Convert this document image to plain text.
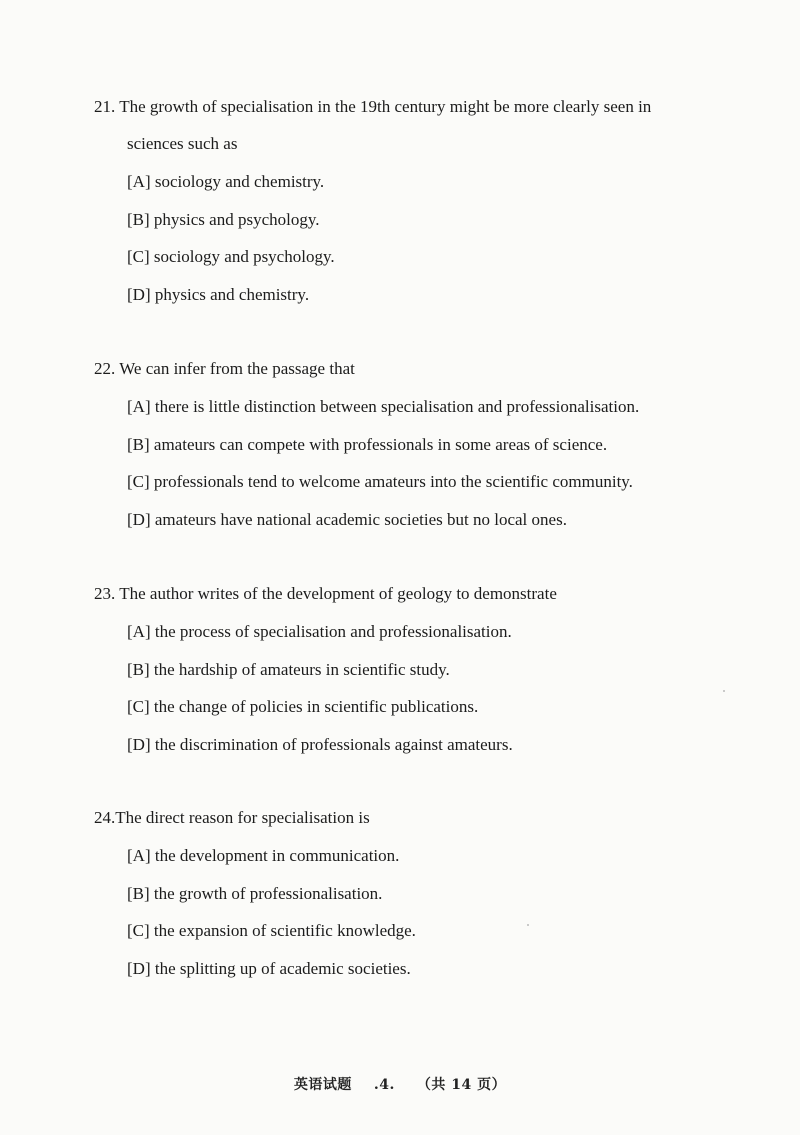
21. The growth of specialisation in the 19th century might be more clearly seen in

sciences such as

[A] sociology and chemistry.
[B] physics and psychology.
[C] sociology and psychology.
[D] physics and chemistry.

22. We can infer from the passage that

[A] there is little distinction between specialisation and professionalisation.
[B] amateurs can compete with professionals in some areas of science.
[C] professionals tend to welcome amateurs into the scientific community.
[D] amateurs have national academic societies but no local ones.

23. The author writes of the development of geology to demonstrate

[A] the process of specialisation and professionalisation.
[B] the hardship of amateurs in scientific study.
[C] the change of policies in scientific publications.
[D] the discrimination of professionals against amateurs.

24.The direct reason for specialisation is

[A] the development in communication.
[B] the growth of professionalisation.
[C] the expansion of scientific knowledge.
[D] the splitting up of academic societies.
英语试题 .4. （共 14 页）
